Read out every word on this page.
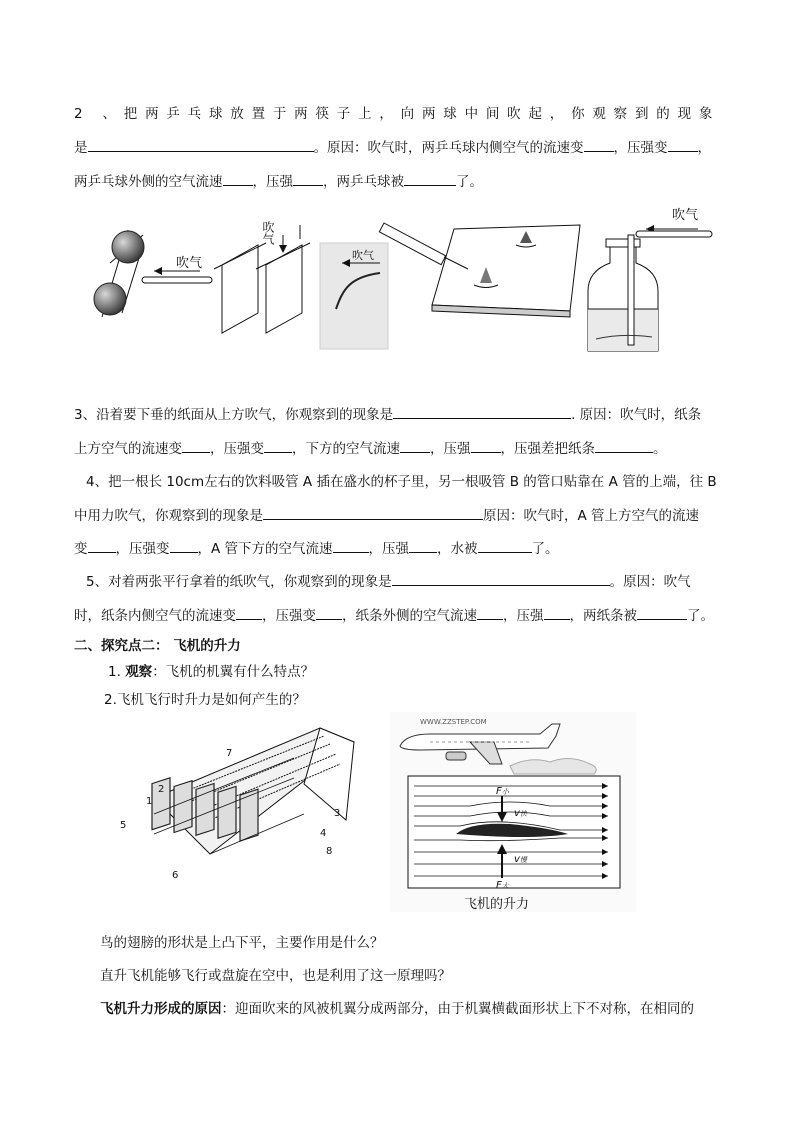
2 、把两乒乓球放置于两筷子上，向两球中间吹起，你观察到的现象
是	。原因：吹气时，两乒乓球内侧空气的流速变 ，压强变 ，
两乒乓球外侧的空气流速 ，压强 ，两乒乓球被	了。
吹气
吹气
吹气
吹气
3、沿着要下垂的纸面从上方吹气，你观察到的现象是	. 原因：吹气时，纸条
上方空气的流速变 ，压强变 ，下方的空气流速 ，压强 ，压强差把纸条	。
4、把一根长 10cm左右的饮料吸管 A 插在盛水的杯子里，另一根吸管 B 的管口贴靠在 A 管的上端，往 B
中用力吹气，你观察到的现象是	原因：吹气时，A 管上方空气的流速
变 ，压强变 ，A 管下方的空气流速	，压强 ，水被	了。
5、对着两张平行拿着的纸吹气，你观察到的现象是	。原因：吹气
时，纸条内侧空气的流速变 ，压强变 ，纸条外侧的空气流速 ，压强 ，两纸条被	了。
二、探究点二： 飞机的升力
1. 观察：飞机的机翼有什么特点？
2.飞机飞行时升力是如何产生的？
7
1
2
3
4
5
6
8
WWW.ZZSTEP.COM
F小
v快
v慢
F大
飞机的升力
鸟的翅膀的形状是上凸下平，主要作用是什么？
直升飞机能够飞行或盘旋在空中，也是利用了这一原理吗？
飞机升力形成的原因：迎面吹来的风被机翼分成两部分，由于机翼横截面形状上下不对称，在相同的
